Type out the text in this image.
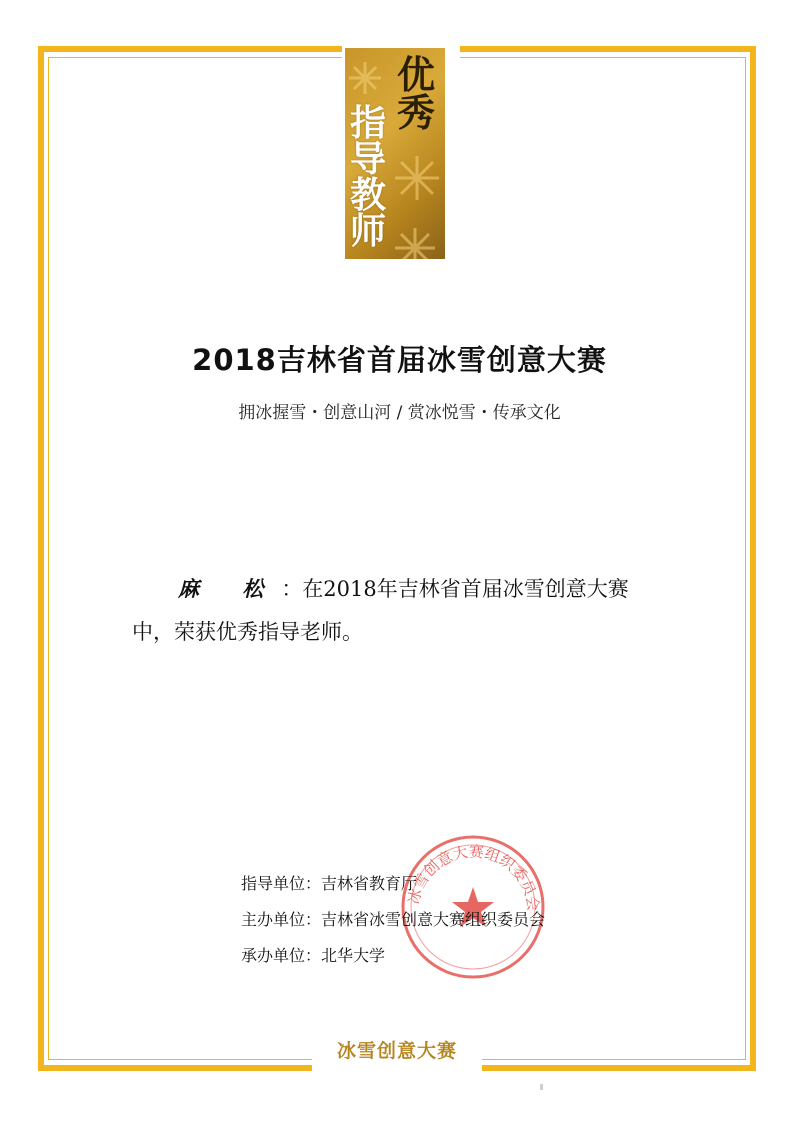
指
导
教
师
优
秀
2018吉林省首届冰雪创意大赛
拥冰握雪・创意山河 / 赏冰悦雪・传承文化
麻 松：在2018年吉林省首届冰雪创意大赛
中，荣获优秀指导老师。
冰雪创意大赛组织委员会
指导单位： 吉林省教育厅
主办单位： 吉林省冰雪创意大赛组织委员会
承办单位： 北华大学
冰雪创意大赛
